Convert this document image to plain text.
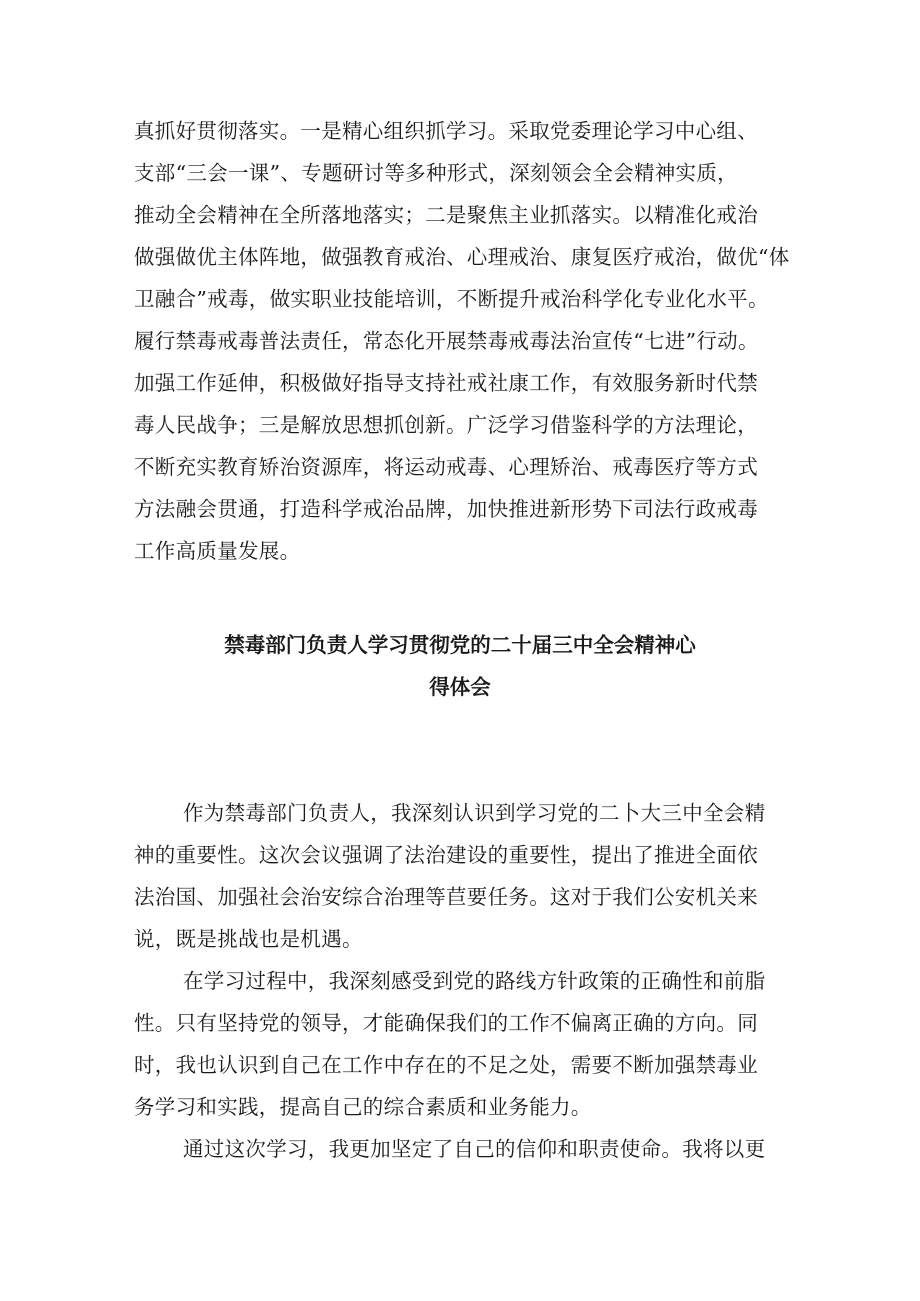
真抓好贯彻落实。一是精心组织抓学习。采取党委理论学习中心组、
支部“三会一课”、专题研讨等多种形式，深刻领会全会精神实质，
推动全会精神在全所落地落实；二是聚焦主业抓落实。以精准化戒治
做强做优主体阵地，做强教育戒治、心理戒治、康复医疗戒治，做优“体
卫融合”戒毒，做实职业技能培训，不断提升戒治科学化专业化水平。
履行禁毒戒毒普法责任，常态化开展禁毒戒毒法治宣传“七进”行动。
加强工作延伸，积极做好指导支持社戒社康工作，有效服务新时代禁
毒人民战争；三是解放思想抓创新。广泛学习借鉴科学的方法理论，
不断充实教育矫治资源库，将运动戒毒、心理矫治、戒毒医疗等方式
方法融会贯通，打造科学戒治品牌，加快推进新形势下司法行政戒毒
工作高质量发展。
禁毒部门负责人学习贯彻党的二十届三中全会精神心
得体会
作为禁毒部门负责人，我深刻认识到学习党的二卜大三中全会精
神的重要性。这次会议强调了法治建设的重要性，提出了推进全面依
法治国、加强社会治安综合治理等苣要任务。这对于我们公安机关来
说，既是挑战也是机遇。
在学习过程中，我深刻感受到党的路线方针政策的正确性和前脂
性。只有坚持党的领导，才能确保我们的工作不偏离正确的方向。同
时，我也认识到自己在工作中存在的不足之处，需要不断加强禁毒业
务学习和实践，提高自己的综合素质和业务能力。
通过这次学习，我更加坚定了自己的信仰和职责使命。我将以更
